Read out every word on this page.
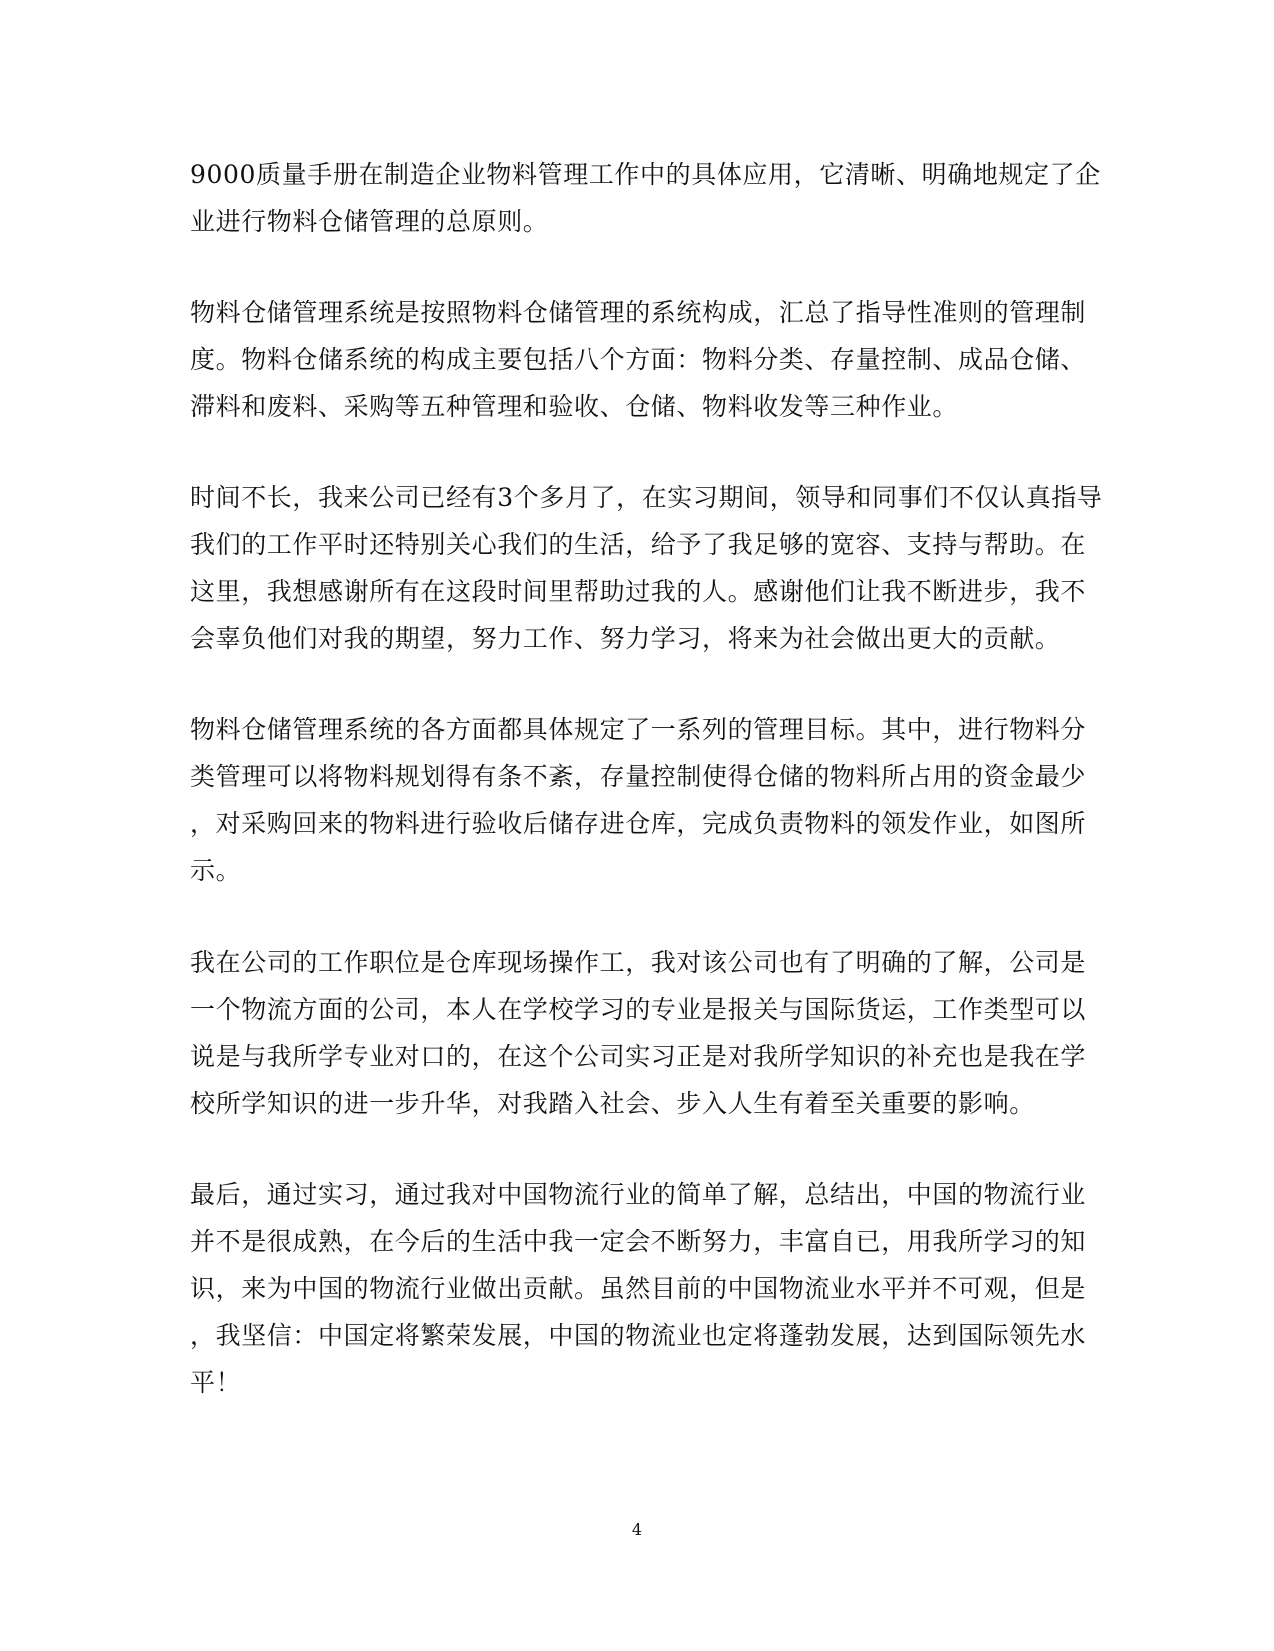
9000质量手册在制造企业物料管理工作中的具体应用，它清晰、明确地规定了企
业进行物料仓储管理的总原则。
物料仓储管理系统是按照物料仓储管理的系统构成，汇总了指导性准则的管理制
度。物料仓储系统的构成主要包括八个方面：物料分类、存量控制、成品仓储、
滞料和废料、采购等五种管理和验收、仓储、物料收发等三种作业。
时间不长，我来公司已经有3个多月了，在实习期间，领导和同事们不仅认真指导
我们的工作平时还特别关心我们的生活，给予了我足够的宽容、支持与帮助。在
这里，我想感谢所有在这段时间里帮助过我的人。感谢他们让我不断进步，我不
会辜负他们对我的期望，努力工作、努力学习，将来为社会做出更大的贡献。
物料仓储管理系统的各方面都具体规定了一系列的管理目标。其中，进行物料分
类管理可以将物料规划得有条不紊，存量控制使得仓储的物料所占用的资金最少
，对采购回来的物料进行验收后储存进仓库，完成负责物料的领发作业，如图所
示。
我在公司的工作职位是仓库现场操作工，我对该公司也有了明确的了解，公司是
一个物流方面的公司，本人在学校学习的专业是报关与国际货运，工作类型可以
说是与我所学专业对口的，在这个公司实习正是对我所学知识的补充也是我在学
校所学知识的进一步升华，对我踏入社会、步入人生有着至关重要的影响。
最后，通过实习，通过我对中国物流行业的简单了解，总结出，中国的物流行业
并不是很成熟，在今后的生活中我一定会不断努力，丰富自已，用我所学习的知
识，来为中国的物流行业做出贡献。虽然目前的中国物流业水平并不可观，但是
，我坚信：中国定将繁荣发展，中国的物流业也定将蓬勃发展，达到国际领先水
平！
4
